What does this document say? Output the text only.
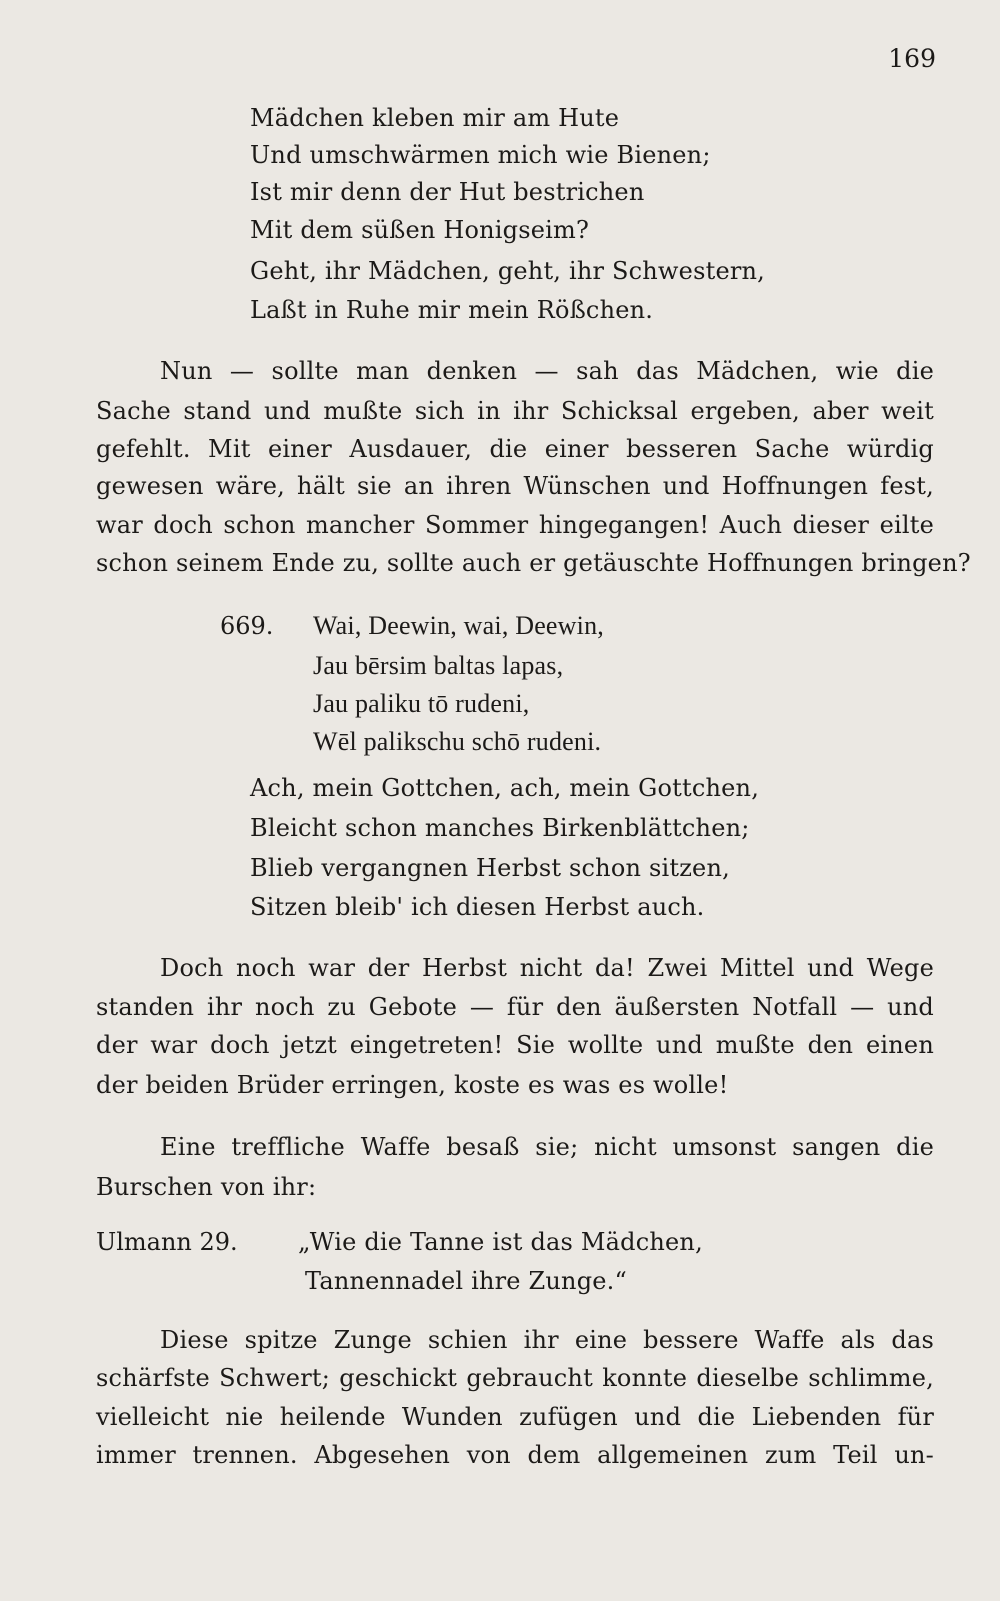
169
Mädchen kleben mir am Hute
Und umschwärmen mich wie Bienen;
Ist mir denn der Hut bestrichen
Mit dem süßen Honigseim?
Geht, ihr Mädchen, geht, ihr Schwestern,
Laßt in Ruhe mir mein Rößchen.
Nun — sollte man denken — sah das Mädchen, wie die
Sache stand und mußte sich in ihr Schicksal ergeben, aber weit
gefehlt. Mit einer Ausdauer, die einer besseren Sache würdig
gewesen wäre, hält sie an ihren Wünschen und Hoffnungen fest,
war doch schon mancher Sommer hingegangen! Auch dieser eilte
schon seinem Ende zu, sollte auch er getäuschte Hoffnungen bringen?
669. Wai, Deewin, wai, Deewin,
Jau bērsim baltas lapas,
Jau paliku tō rudeni,
Wēl palikschu schō rudeni.
Ach, mein Gottchen, ach, mein Gottchen,
Bleicht schon manches Birkenblättchen;
Blieb vergangnen Herbst schon sitzen,
Sitzen bleib' ich diesen Herbst auch.
Doch noch war der Herbst nicht da! Zwei Mittel und Wege
standen ihr noch zu Gebote — für den äußersten Notfall — und
der war doch jetzt eingetreten! Sie wollte und mußte den einen
der beiden Brüder erringen, koste es was es wolle!
Eine treffliche Waffe besaß sie; nicht umsonst sangen die
Burschen von ihr:
Ulmann 29.	„Wie die Tanne ist das Mädchen,
Tannennadel ihre Zunge.“
Diese spitze Zunge schien ihr eine bessere Waffe als das
schärfste Schwert; geschickt gebraucht konnte dieselbe schlimme,
vielleicht nie heilende Wunden zufügen und die Liebenden für
immer trennen. Abgesehen von dem allgemeinen zum Teil un-
